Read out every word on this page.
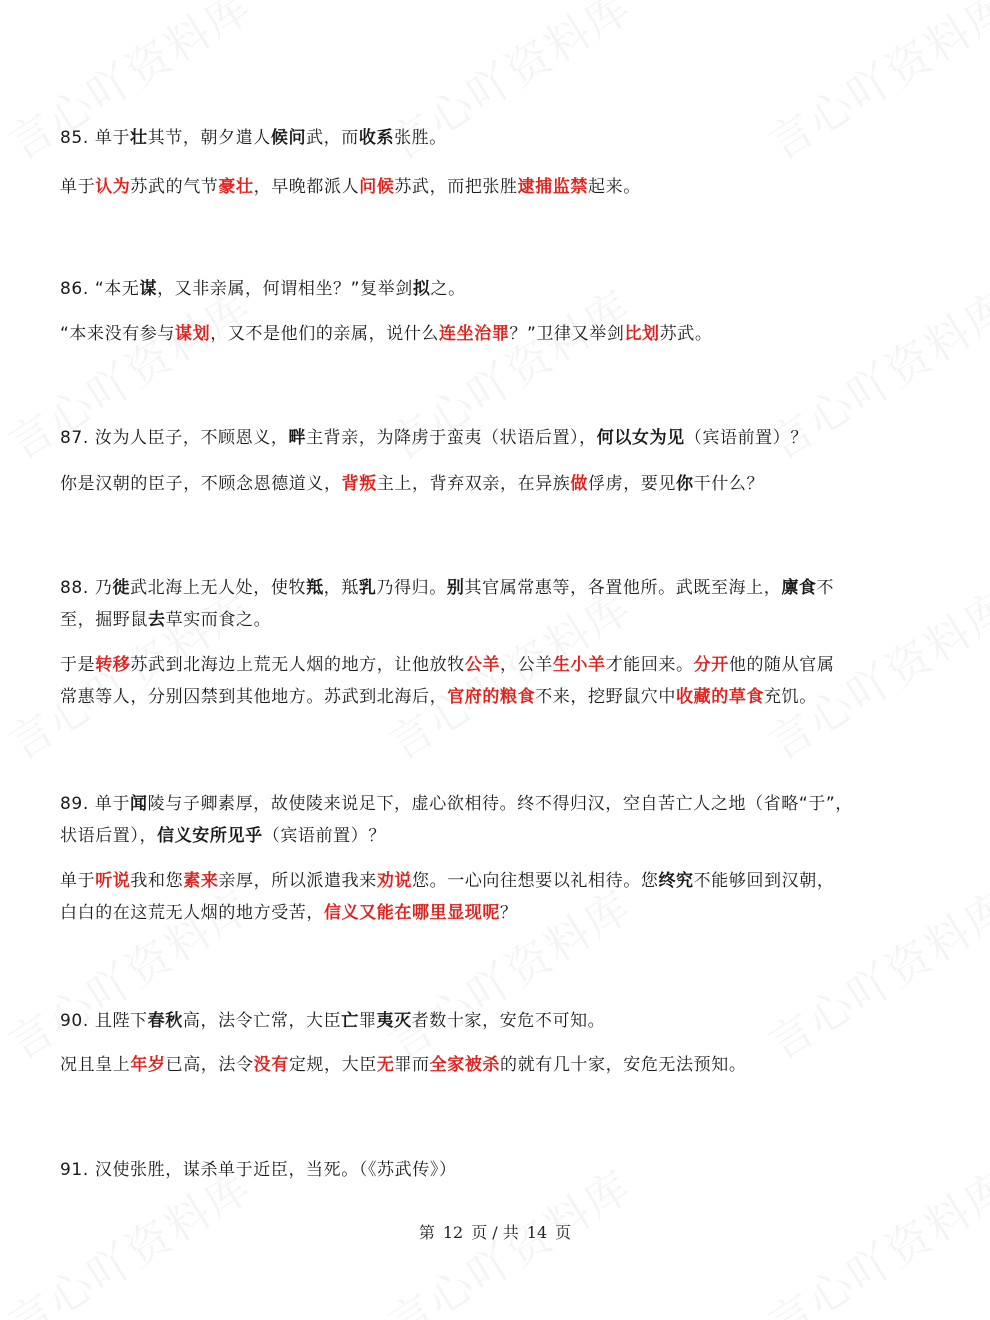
85. 单于壮其节，朝夕遣人候问武，而收系张胜。
单于认为苏武的气节豪壮，早晚都派人问候苏武，而把张胜逮捕监禁起来。
86. “本无谋，又非亲属，何谓相坐？”复举剑拟之。
“本来没有参与谋划，又不是他们的亲属，说什么连坐治罪？”卫律又举剑比划苏武。
87. 汝为人臣子，不顾恩义，畔主背亲，为降虏于蛮夷（状语后置），何以女为见（宾语前置）？
你是汉朝的臣子，不顾念恩德道义，背叛主上，背弃双亲，在异族做俘虏，要见你干什么？
88. 乃徙武北海上无人处，使牧羝，羝乳乃得归。别其官属常惠等，各置他所。武既至海上，廪食不
至，掘野鼠去草实而食之。
于是转移苏武到北海边上荒无人烟的地方，让他放牧公羊，公羊生小羊才能回来。分开他的随从官属
常惠等人，分别囚禁到其他地方。苏武到北海后，官府的粮食不来，挖野鼠穴中收藏的草食充饥。
89. 单于闻陵与子卿素厚，故使陵来说足下，虚心欲相待。终不得归汉，空自苦亡人之地（省略“于”，
状语后置），信义安所见乎（宾语前置）？
单于听说我和您素来亲厚，所以派遣我来劝说您。一心向往想要以礼相待。您终究不能够回到汉朝，
白白的在这荒无人烟的地方受苦，信义又能在哪里显现呢？
90. 且陛下春秋高，法令亡常，大臣亡罪夷灭者数十家，安危不可知。
况且皇上年岁已高，法令没有定规，大臣无罪而全家被杀的就有几十家，安危无法预知。
91. 汉使张胜，谋杀单于近臣，当死。（《苏武传》）
第 12 页 / 共 14 页
